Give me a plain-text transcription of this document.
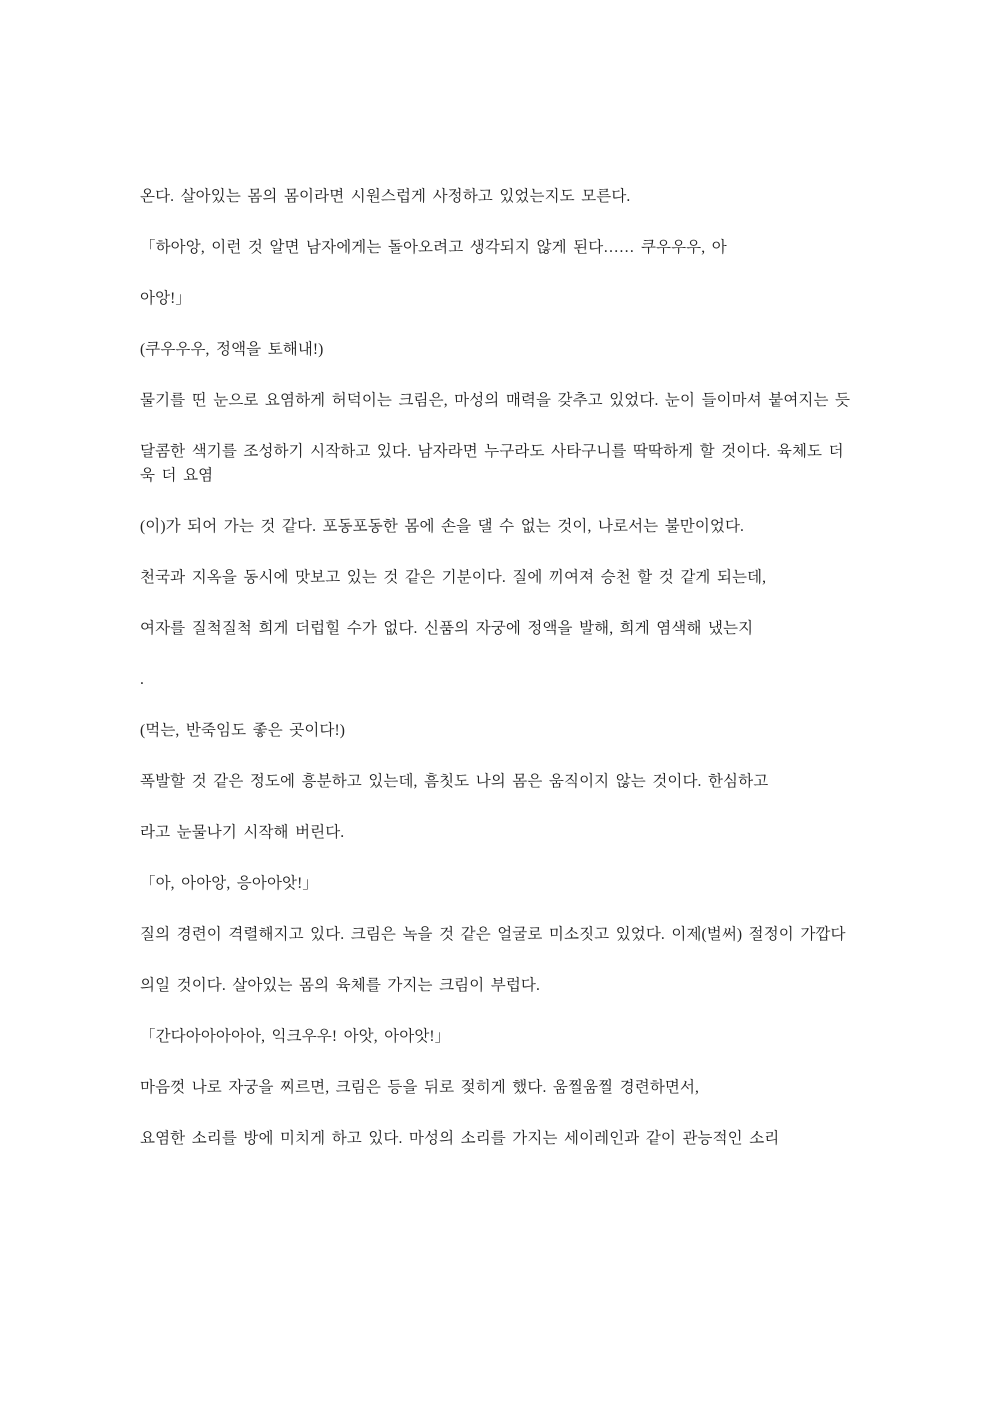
온다. 살아있는 몸의 몸이라면 시원스럽게 사정하고 있었는지도 모른다.

「하아앙, 이런 것 알면 남자에게는 돌아오려고 생각되지 않게 된다…… 쿠우우우, 아

아앙!」

(쿠우우우, 정액을 토해내!)

물기를 띤 눈으로 요염하게 허덕이는 크림은, 마성의 매력을 갖추고 있었다. 눈이 들이마셔 붙여지는 듯

달콤한 색기를 조성하기 시작하고 있다. 남자라면 누구라도 사타구니를 딱딱하게 할 것이다. 육체도 더욱 더 요염

(이)가 되어 가는 것 같다. 포동포동한 몸에 손을 댈 수 없는 것이, 나로서는 불만이었다.

천국과 지옥을 동시에 맛보고 있는 것 같은 기분이다. 질에 끼여져 승천 할 것 같게 되는데,

여자를 질척질척 희게 더럽힐 수가 없다. 신품의 자궁에 정액을 발해, 희게 염색해 냈는지

.

(먹는, 반죽임도 좋은 곳이다!)

폭발할 것 같은 정도에 흥분하고 있는데, 흠칫도 나의 몸은 움직이지 않는 것이다. 한심하고

라고 눈물나기 시작해 버린다.

「아, 아아앙, 응아아앗!」

질의 경련이 격렬해지고 있다. 크림은 녹을 것 같은 얼굴로 미소짓고 있었다. 이제(벌써) 절정이 가깝다

의일 것이다. 살아있는 몸의 육체를 가지는 크림이 부럽다.

「간다아아아아아, 익크우우! 아앗, 아아앗!」

마음껏 나로 자궁을 찌르면, 크림은 등을 뒤로 젖히게 했다. 움찔움찔 경련하면서,

요염한 소리를 방에 미치게 하고 있다. 마성의 소리를 가지는 세이레인과 같이 관능적인 소리
